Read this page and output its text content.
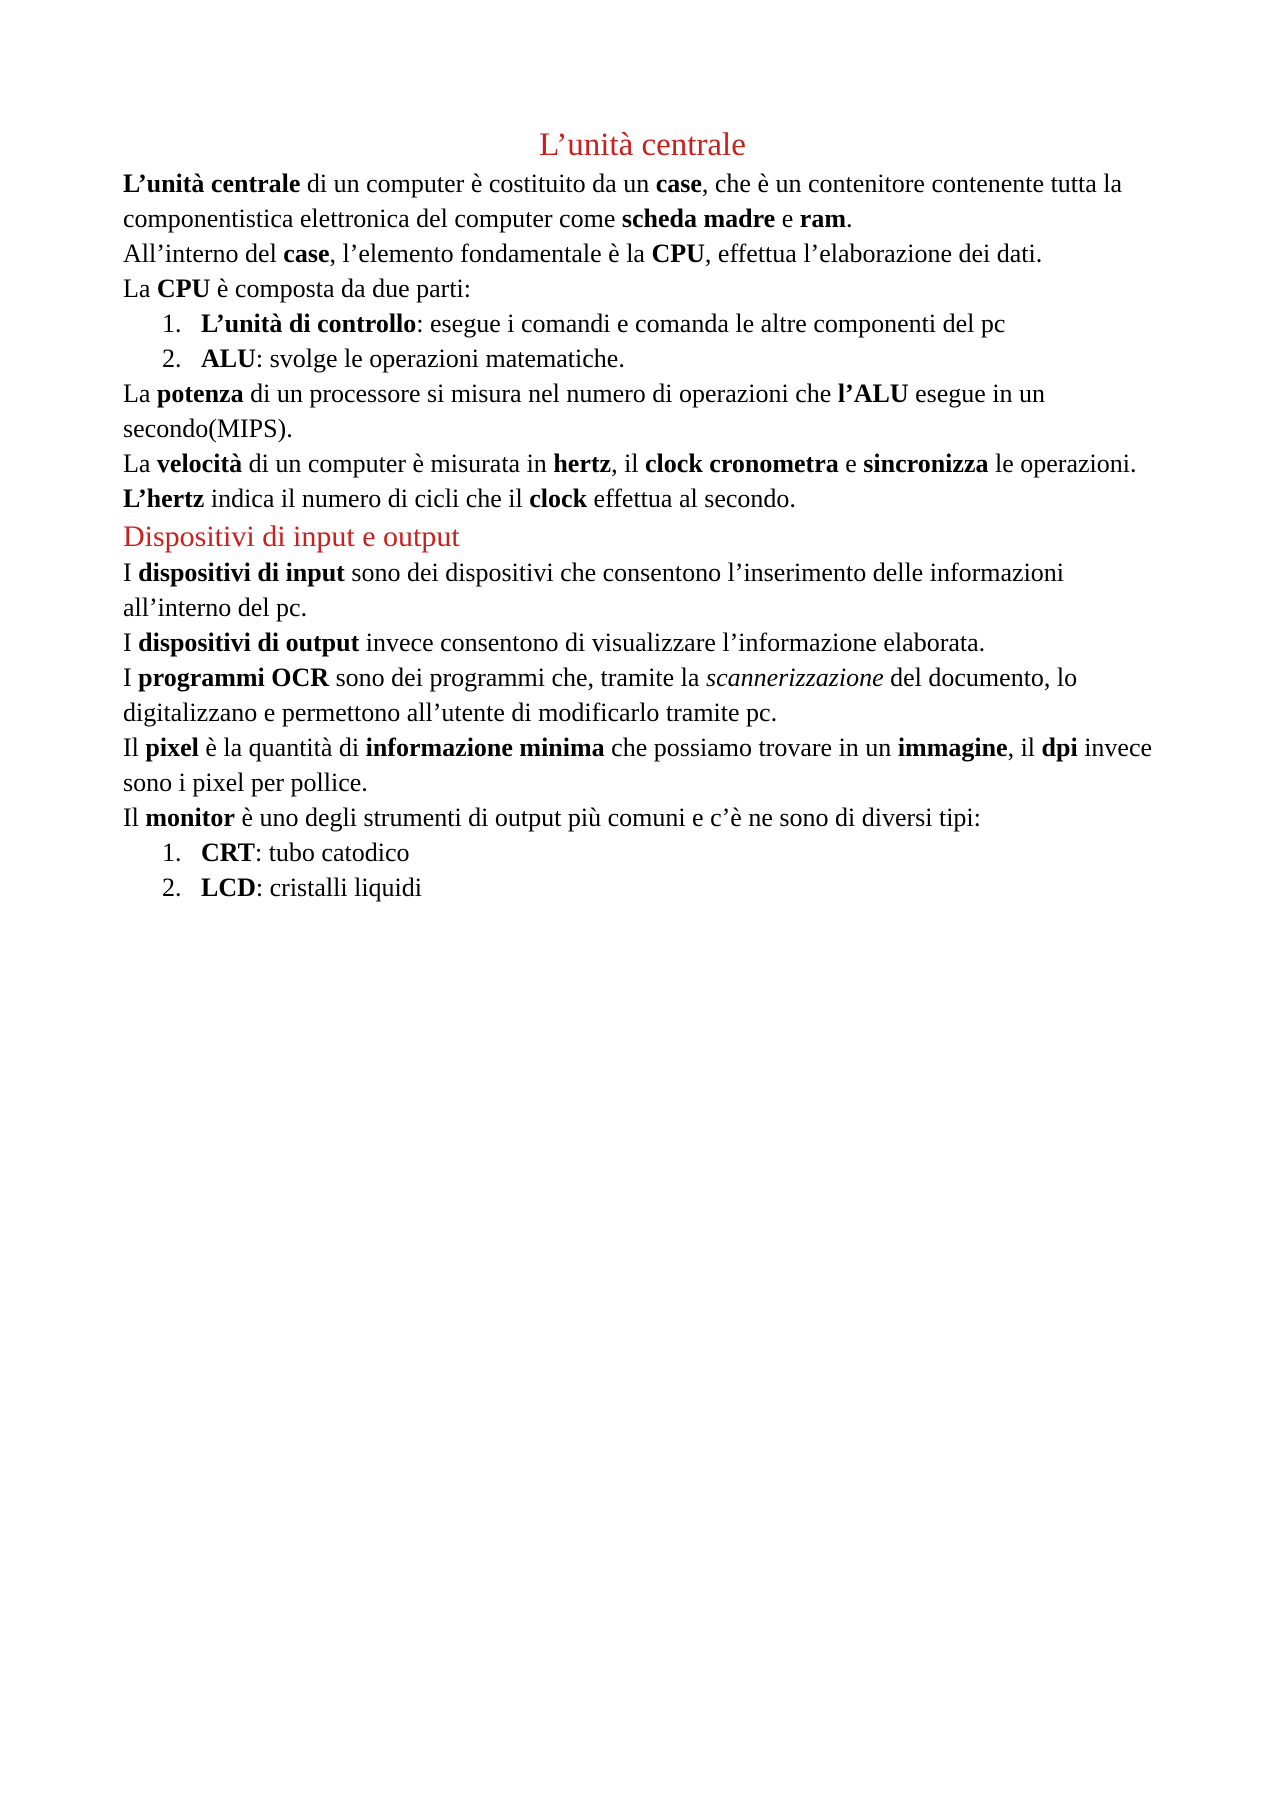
L’unità centrale

L’unità centrale di un computer è costituito da un case, che è un contenitore contenente tutta la componentistica elettronica del computer come scheda madre e ram.

All’interno del case, l’elemento fondamentale è la CPU, effettua l’elaborazione dei dati.

La CPU è composta da due parti:

1. L’unità di controllo: esegue i comandi e comanda le altre componenti del pc
2. ALU: svolge le operazioni matematiche.

La potenza di un processore si misura nel numero di operazioni che l’ALU esegue in un secondo(MIPS).

La velocità di un computer è misurata in hertz, il clock cronometra e sincronizza le operazioni.

L’hertz indica il numero di cicli che il clock effettua al secondo.

Dispositivi di input e output

I dispositivi di input sono dei dispositivi che consentono l’inserimento delle informazioni all’interno del pc.

I dispositivi di output invece consentono di visualizzare l’informazione elaborata.

I programmi OCR sono dei programmi che, tramite la scannerizzazione del documento, lo digitalizzano e permettono all’utente di modificarlo tramite pc.

Il pixel è la quantità di informazione minima che possiamo trovare in un immagine, il dpi invece sono i pixel per pollice.

Il monitor è uno degli strumenti di output più comuni e c’è ne sono di diversi tipi:

1. CRT: tubo catodico
2. LCD: cristalli liquidi
